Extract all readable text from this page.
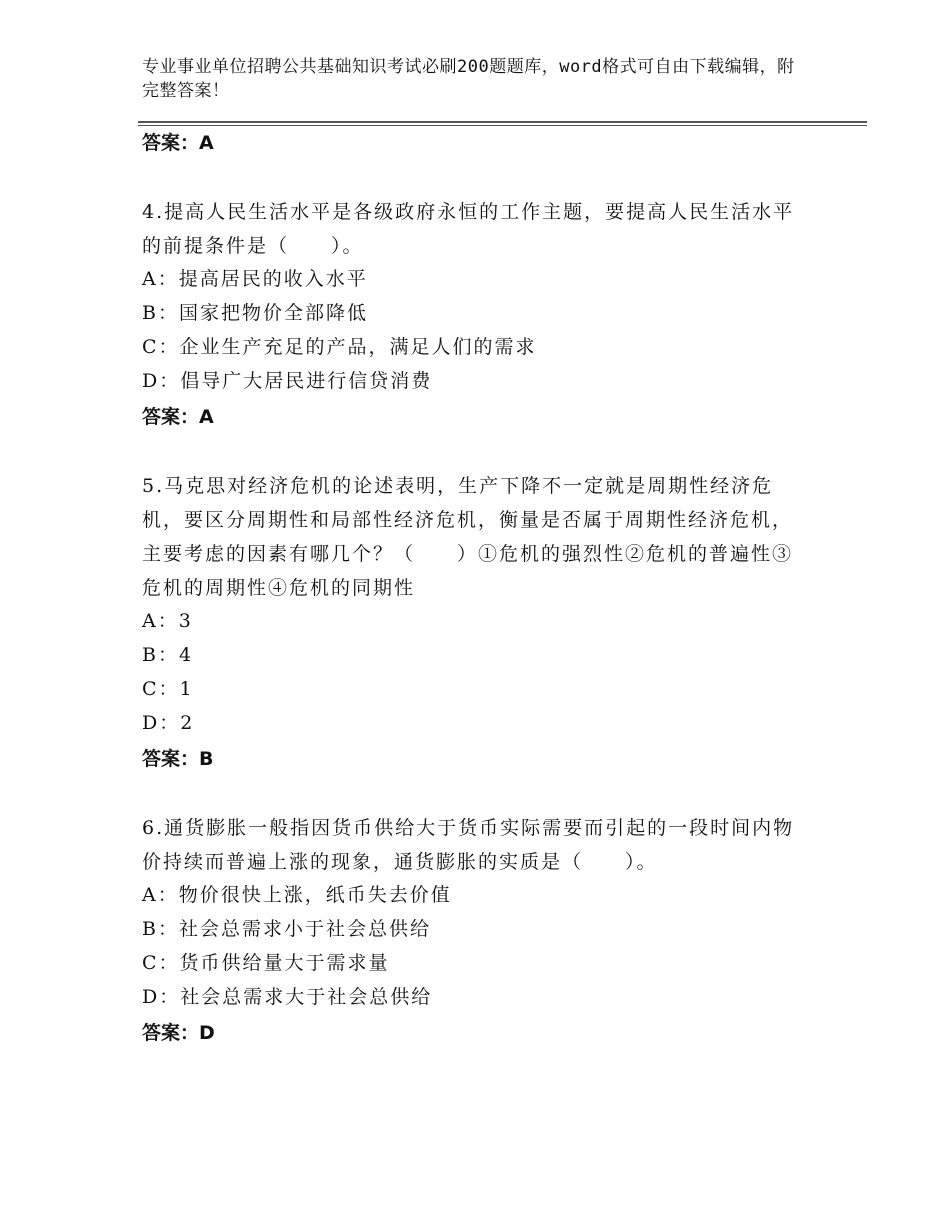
专业事业单位招聘公共基础知识考试必刷200题题库，word格式可自由下载编辑，附完整答案！
答案：A
4.提高人民生活水平是各级政府永恒的工作主题，要提高人民生活水平的前提条件是（　　）。
A：提高居民的收入水平
B：国家把物价全部降低
C：企业生产充足的产品，满足人们的需求
D：倡导广大居民进行信贷消费
答案：A
5.马克思对经济危机的论述表明，生产下降不一定就是周期性经济危机，要区分周期性和局部性经济危机，衡量是否属于周期性经济危机，主要考虑的因素有哪几个？（　　）①危机的强烈性②危机的普遍性③危机的周期性④危机的同期性
A：3
B：4
C：1
D：2
答案：B
6.通货膨胀一般指因货币供给大于货币实际需要而引起的一段时间内物价持续而普遍上涨的现象，通货膨胀的实质是（　　）。
A：物价很快上涨，纸币失去价值
B：社会总需求小于社会总供给
C：货币供给量大于需求量
D：社会总需求大于社会总供给
答案：D
